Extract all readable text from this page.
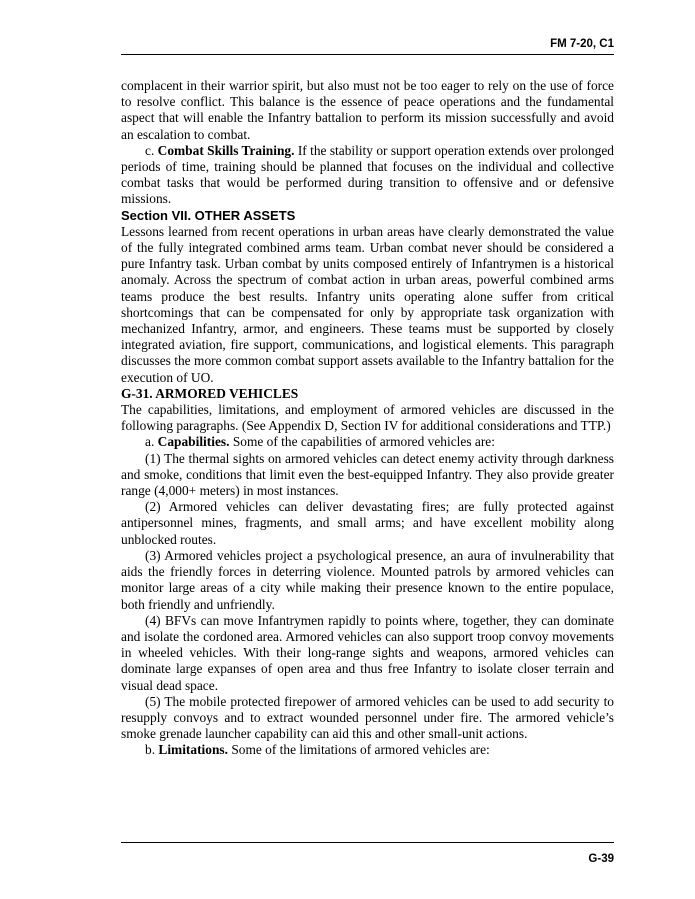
FM 7-20, C1

complacent in their warrior spirit, but also must not be too eager to rely on the use of force to resolve conflict. This balance is the essence of peace operations and the fundamental aspect that will enable the Infantry battalion to perform its mission successfully and avoid an escalation to combat.

c. Combat Skills Training. If the stability or support operation extends over prolonged periods of time, training should be planned that focuses on the individual and collective combat tasks that would be performed during transition to offensive and or defensive missions.

Section VII. OTHER ASSETS

Lessons learned from recent operations in urban areas have clearly demonstrated the value of the fully integrated combined arms team. Urban combat never should be considered a pure Infantry task. Urban combat by units composed entirely of Infantrymen is a historical anomaly. Across the spectrum of combat action in urban areas, powerful combined arms teams produce the best results. Infantry units operating alone suffer from critical shortcomings that can be compensated for only by appropriate task organization with mechanized Infantry, armor, and engineers. These teams must be supported by closely integrated aviation, fire support, communications, and logistical elements. This paragraph discusses the more common combat support assets available to the Infantry battalion for the execution of UO.

G-31. ARMORED VEHICLES

The capabilities, limitations, and employment of armored vehicles are discussed in the following paragraphs. (See Appendix D, Section IV for additional considerations and TTP.)

a. Capabilities. Some of the capabilities of armored vehicles are:

(1) The thermal sights on armored vehicles can detect enemy activity through darkness and smoke, conditions that limit even the best-equipped Infantry. They also provide greater range (4,000+ meters) in most instances.

(2) Armored vehicles can deliver devastating fires; are fully protected against antipersonnel mines, fragments, and small arms; and have excellent mobility along unblocked routes.

(3) Armored vehicles project a psychological presence, an aura of invulnerability that aids the friendly forces in deterring violence. Mounted patrols by armored vehicles can monitor large areas of a city while making their presence known to the entire populace, both friendly and unfriendly.

(4) BFVs can move Infantrymen rapidly to points where, together, they can dominate and isolate the cordoned area. Armored vehicles can also support troop convoy movements in wheeled vehicles. With their long-range sights and weapons, armored vehicles can dominate large expanses of open area and thus free Infantry to isolate closer terrain and visual dead space.

(5) The mobile protected firepower of armored vehicles can be used to add security to resupply convoys and to extract wounded personnel under fire. The armored vehicle’s smoke grenade launcher capability can aid this and other small-unit actions.

b. Limitations. Some of the limitations of armored vehicles are:

G-39
